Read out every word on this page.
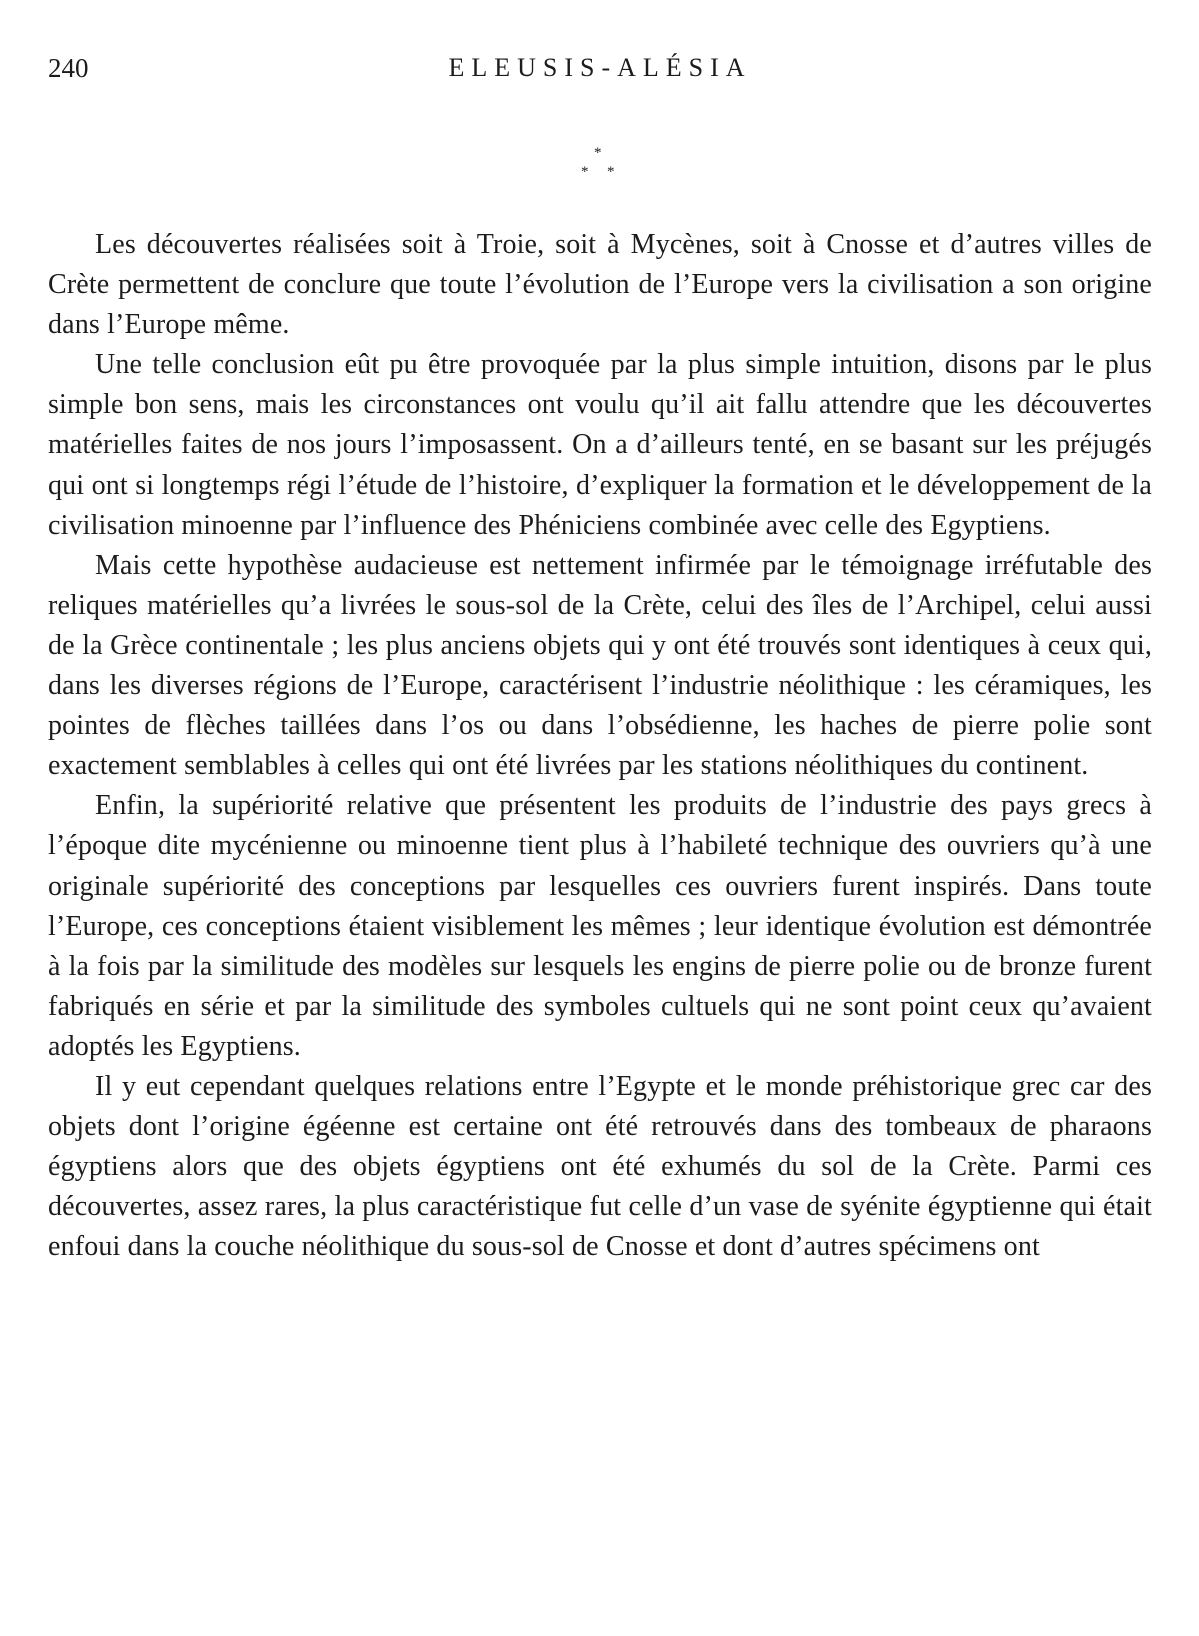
240	ELEUSIS-ALÉSIA
*
* *

Les découvertes réalisées soit à Troie, soit à Mycènes, soit à Cnosse et d’autres villes de Crète permettent de conclure que toute l’évolution de l’Europe vers la civilisation a son origine dans l’Europe même.

Une telle conclusion eût pu être provoquée par la plus simple intuition, disons par le plus simple bon sens, mais les circonstances ont voulu qu’il ait fallu attendre que les découvertes matérielles faites de nos jours l’imposassent. On a d’ailleurs tenté, en se basant sur les préjugés qui ont si longtemps régi l’étude de l’histoire, d’expliquer la formation et le développement de la civilisation minoenne par l’influence des Phéniciens combinée avec celle des Egyptiens.

Mais cette hypothèse audacieuse est nettement infirmée par le témoignage irréfutable des reliques matérielles qu’a livrées le sous-sol de la Crète, celui des îles de l’Archipel, celui aussi de la Grèce continentale ; les plus anciens objets qui y ont été trouvés sont identiques à ceux qui, dans les diverses régions de l’Europe, caractérisent l’industrie néolithique : les céramiques, les pointes de flèches taillées dans l’os ou dans l’obsédienne, les haches de pierre polie sont exactement semblables à celles qui ont été livrées par les stations néolithiques du continent.

Enfin, la supériorité relative que présentent les produits de l’industrie des pays grecs à l’époque dite mycénienne ou minoenne tient plus à l’habileté technique des ouvriers qu’à une originale supériorité des conceptions par lesquelles ces ouvriers furent inspirés. Dans toute l’Europe, ces conceptions étaient visiblement les mêmes ; leur identique évolution est démontrée à la fois par la similitude des modèles sur lesquels les engins de pierre polie ou de bronze furent fabriqués en série et par la similitude des symboles cultuels qui ne sont point ceux qu’avaient adoptés les Egyptiens.

Il y eut cependant quelques relations entre l’Egypte et le monde préhistorique grec car des objets dont l’origine égéenne est certaine ont été retrouvés dans des tombeaux de pharaons égyptiens alors que des objets égyptiens ont été exhumés du sol de la Crète. Parmi ces découvertes, assez rares, la plus caractéristique fut celle d’un vase de syénite égyptienne qui était enfoui dans la couche néolithique du sous-sol de Cnosse et dont d’autres spécimens ont
